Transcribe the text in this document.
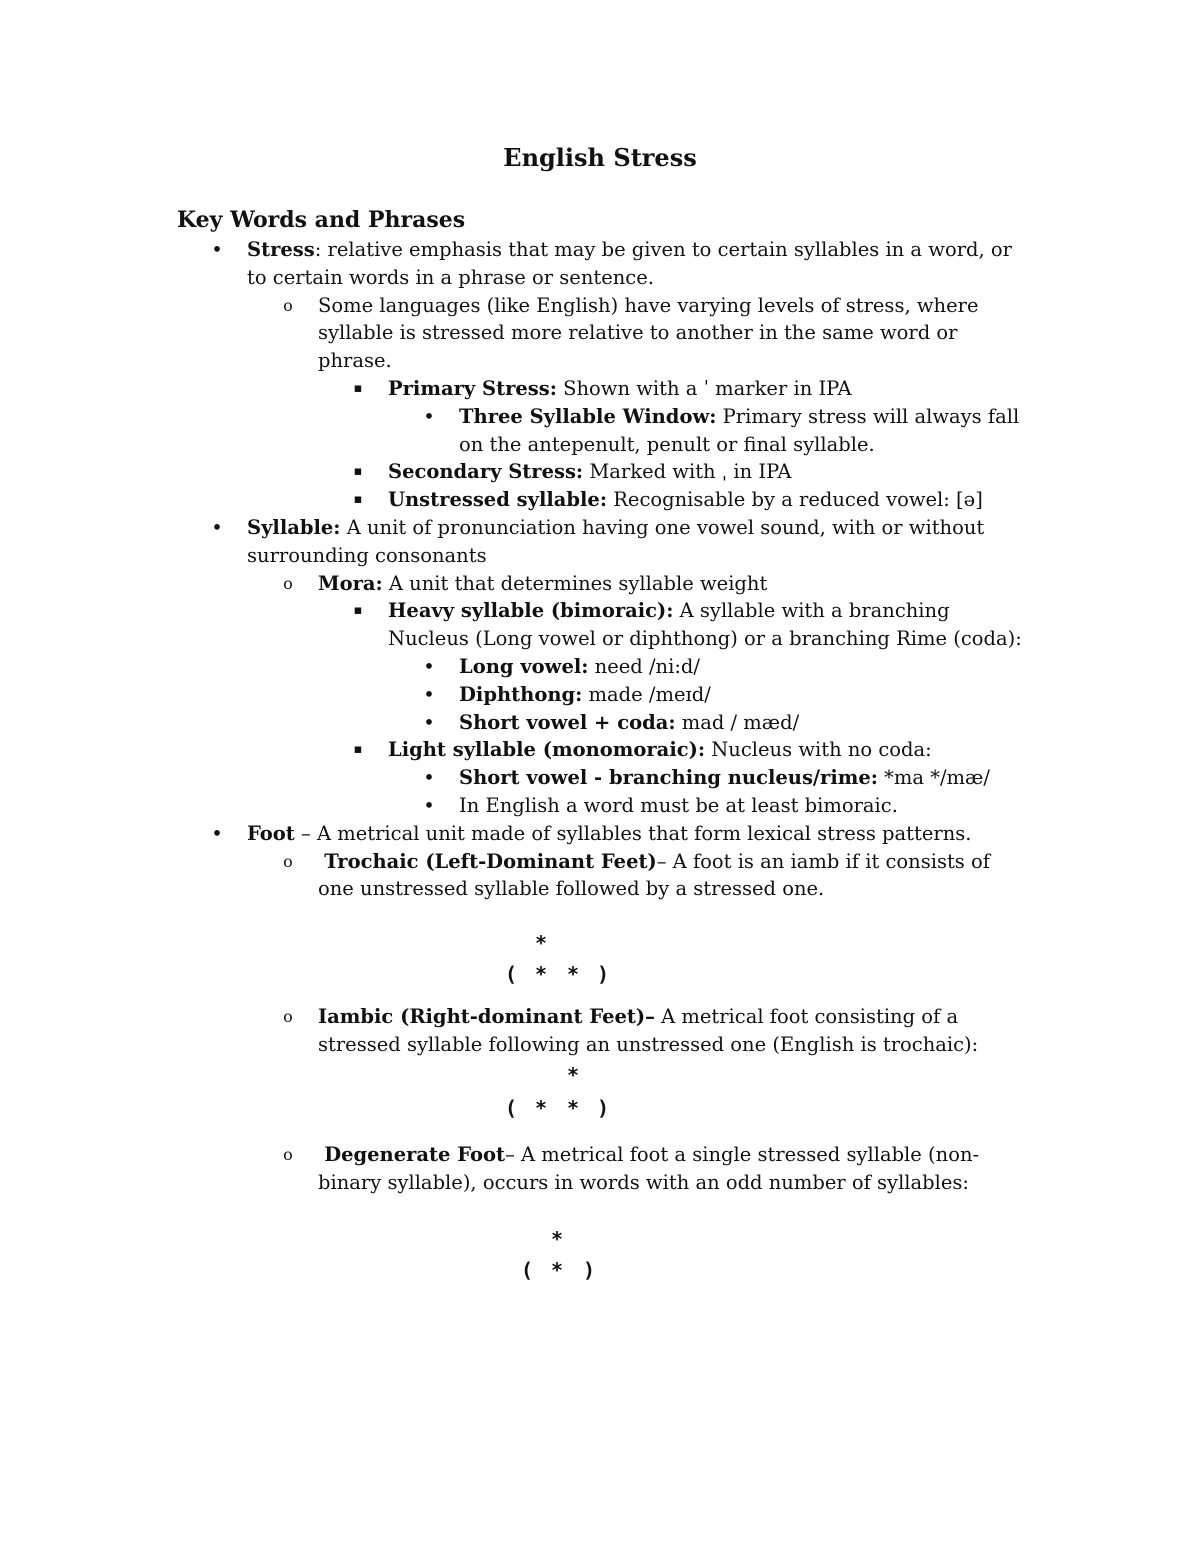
English Stress
Key Words and Phrases
• Stress: relative emphasis that may be given to certain syllables in a word, or to certain words in a phrase or sentence.
o Some languages (like English) have varying levels of stress, where syllable is stressed more relative to another in the same word or phrase.
▪ Primary Stress: Shown with a ˈ marker in IPA
• Three Syllable Window: Primary stress will always fall on the antepenult, penult or final syllable.
▪ Secondary Stress: Marked with ˌ in IPA
▪ Unstressed syllable: Recognisable by a reduced vowel: [ə]
• Syllable: A unit of pronunciation having one vowel sound, with or without surrounding consonants
o Mora: A unit that determines syllable weight
▪ Heavy syllable (bimoraic): A syllable with a branching Nucleus (Long vowel or diphthong) or a branching Rime (coda):
• Long vowel: need /ni:d/
• Diphthong: made /meɪd/
• Short vowel + coda: mad / mæd/
▪ Light syllable (monomoraic): Nucleus with no coda:
• Short vowel - branching nucleus/rime: *ma */mæ/
• In English a word must be at least bimoraic.
• Foot – A metrical unit made of syllables that form lexical stress patterns.
o Trochaic (Left-Dominant Feet)– A foot is an iamb if it consists of one unstressed syllable followed by a stressed one.
*
( * * )
o Iambic (Right-dominant Feet)– A metrical foot consisting of a stressed syllable following an unstressed one (English is trochaic):
*
( * * )
o Degenerate Foot– A metrical foot a single stressed syllable (non-binary syllable), occurs in words with an odd number of syllables:
*
( * )
